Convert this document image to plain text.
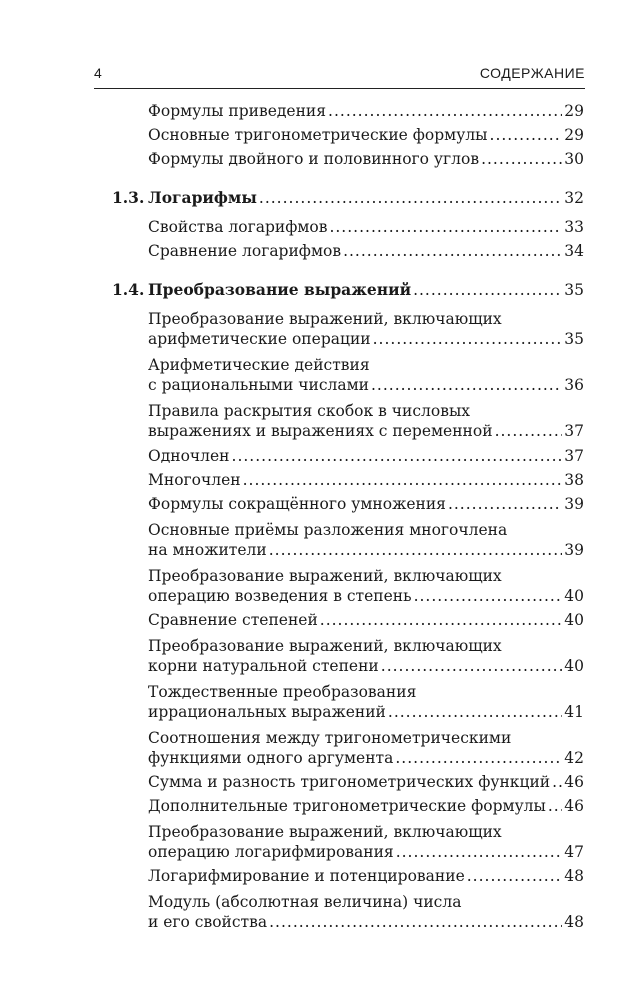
4	СОДЕРЖАНИЕ
Формулы приведения .....	29
Основные тригонометрические формулы .....	29
Формулы двойного и половинного углов .....	30
1.3. Логарифмы .....	32
Свойства логарифмов .....	33
Сравнение логарифмов .....	34
1.4. Преобразование выражений .....	35
Преобразование выражений, включающих
арифметические операции .....	35
Арифметические действия
с рациональными числами .....	36
Правила раскрытия скобок в числовых
выражениях и выражениях с переменной .....	37
Одночлен .....	37
Многочлен .....	38
Формулы сокращённого умножения .....	39
Основные приёмы разложения многочлена
на множители .....	39
Преобразование выражений, включающих
операцию возведения в степень .....	40
Сравнение степеней .....	40
Преобразование выражений, включающих
корни натуральной степени .....	40
Тождественные преобразования
иррациональных выражений .....	41
Соотношения между тригонометрическими
функциями одного аргумента .....	42
Сумма и разность тригонометрических функций ..... 46
Дополнительные тригонометрические формулы ..... 46
Преобразование выражений, включающих
операцию логарифмирования .....	47
Логарифмирование и потенцирование .....	48
Модуль (абсолютная величина) числа
и его свойства .....	48
